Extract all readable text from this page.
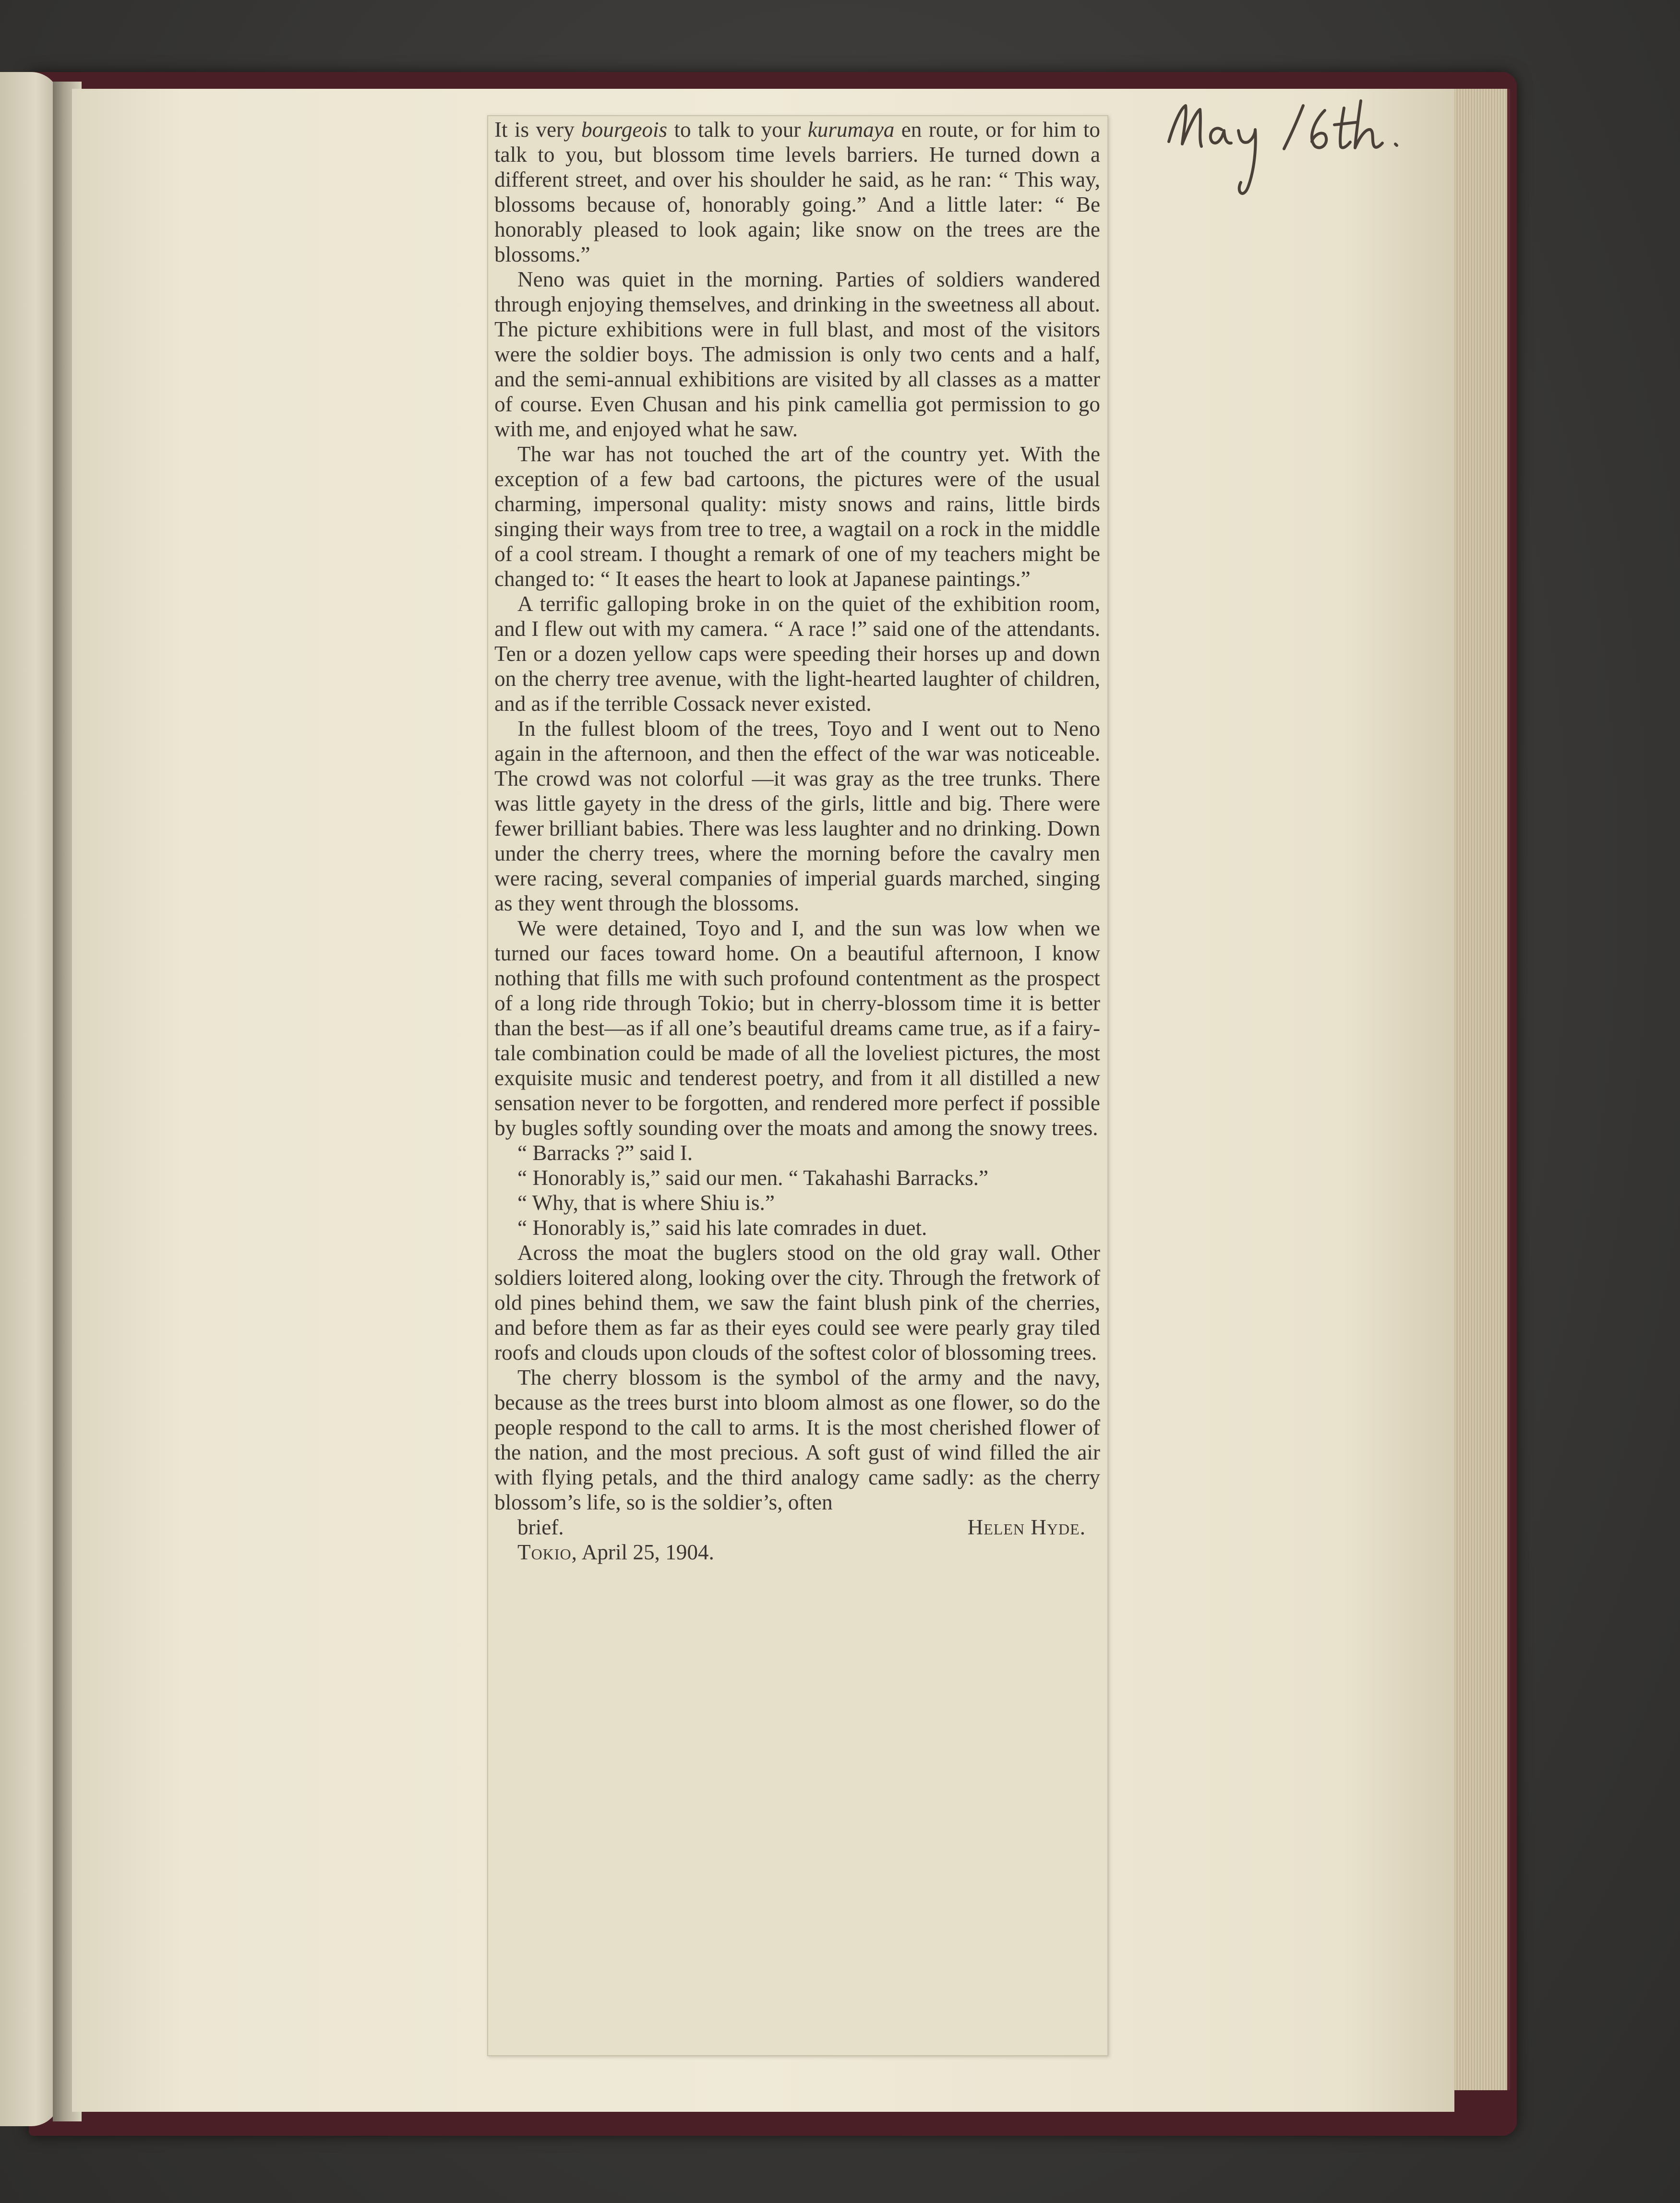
It is very bourgeois to talk to your kurumaya en route, or for him to talk to you, but blossom time levels barriers. He turned down a different street, and over his shoulder he said, as he ran: “ This way, blossoms because of, honorably going.” And a little later: “ Be honorably pleased to look again; like snow on the trees are the blossoms.”

Neno was quiet in the morning. Parties of soldiers wandered through enjoying themselves, and drinking in the sweetness all about. The picture exhibitions were in full blast, and most of the visitors were the soldier boys. The admission is only two cents and a half, and the semi-annual exhibitions are visited by all classes as a matter of course. Even Chusan and his pink camellia got permission to go with me, and enjoyed what he saw.

The war has not touched the art of the country yet. With the exception of a few bad cartoons, the pictures were of the usual charming, impersonal quality: misty snows and rains, little birds singing their ways from tree to tree, a wagtail on a rock in the middle of a cool stream. I thought a remark of one of my teachers might be changed to: “ It eases the heart to look at Japanese paintings.”

A terrific galloping broke in on the quiet of the exhibition room, and I flew out with my camera. “ A race !” said one of the attendants. Ten or a dozen yellow caps were speeding their horses up and down on the cherry tree avenue, with the light-hearted laughter of children, and as if the terrible Cossack never existed.

In the fullest bloom of the trees, Toyo and I went out to Neno again in the afternoon, and then the effect of the war was noticeable. The crowd was not colorful —it was gray as the tree trunks. There was little gayety in the dress of the girls, little and big. There were fewer brilliant babies. There was less laughter and no drinking. Down under the cherry trees, where the morning before the cavalry men were racing, several companies of imperial guards marched, singing as they went through the blossoms.

We were detained, Toyo and I, and the sun was low when we turned our faces toward home. On a beautiful afternoon, I know nothing that fills me with such profound contentment as the prospect of a long ride through Tokio; but in cherry-blossom time it is better than the best—as if all one’s beautiful dreams came true, as if a fairy-tale combination could be made of all the loveliest pictures, the most exquisite music and tenderest poetry, and from it all distilled a new sensation never to be forgotten, and rendered more perfect if possible by bugles softly sounding over the moats and among the snowy trees.

“ Barracks ?” said I.

“ Honorably is,” said our men. “ Takahashi Barracks.”

“ Why, that is where Shiu is.”

“ Honorably is,” said his late comrades in duet.

Across the moat the buglers stood on the old gray wall. Other soldiers loitered along, looking over the city. Through the fretwork of old pines behind them, we saw the faint blush pink of the cherries, and before them as far as their eyes could see were pearly gray tiled roofs and clouds upon clouds of the softest color of blossoming trees.

The cherry blossom is the symbol of the army and the navy, because as the trees burst into bloom almost as one flower, so do the people respond to the call to arms. It is the most cherished flower of the nation, and the most precious. A soft gust of wind filled the air with flying petals, and the third analogy came sadly: as the cherry blossom’s life, so is the soldier’s, often

brief.	Helen Hyde.

Tokio, April 25, 1904.
